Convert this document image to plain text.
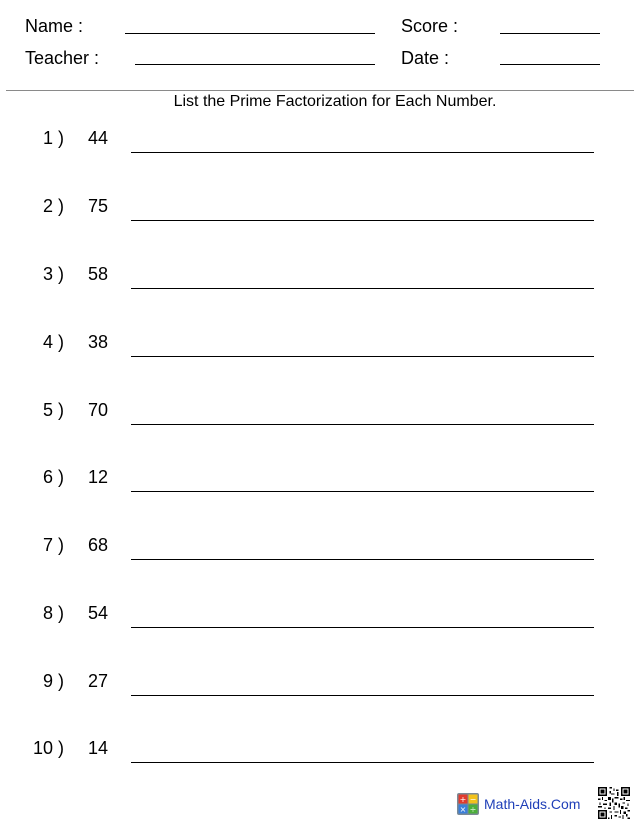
Name :	Score :
Teacher :	Date :
List the Prime Factorization for Each Number.
1 ) 44
2 ) 75
3 ) 58
4 ) 38
5 ) 70
6 ) 12
7 ) 68
8 ) 54
9 ) 27
10 ) 14
+ −
× ÷ Math-Aids.Com
